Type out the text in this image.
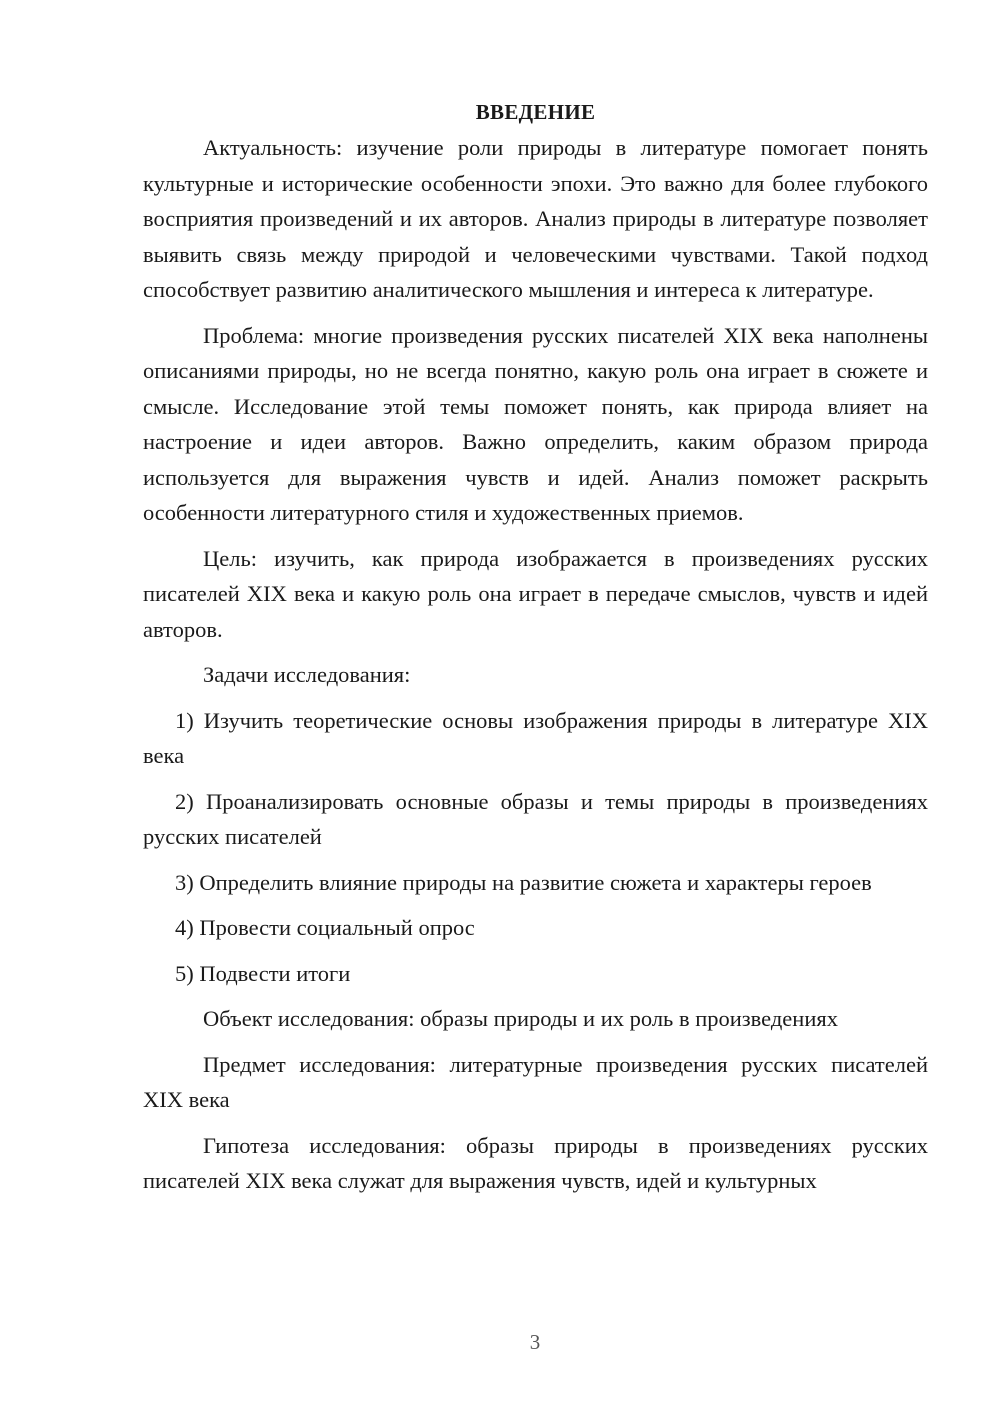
ВВЕДЕНИЕ

Актуальность: изучение роли природы в литературе помогает понять культурные и исторические особенности эпохи. Это важно для более глубокого восприятия произведений и их авторов. Анализ природы в литературе позволяет выявить связь между природой и человеческими чувствами. Такой подход способствует развитию аналитического мышления и интереса к литературе.

Проблема: многие произведения русских писателей XIX века наполнены описаниями природы, но не всегда понятно, какую роль она играет в сюжете и смысле. Исследование этой темы поможет понять, как природа влияет на настроение и идеи авторов. Важно определить, каким образом природа используется для выражения чувств и идей. Анализ поможет раскрыть особенности литературного стиля и художественных приемов.

Цель: изучить, как природа изображается в произведениях русских писателей XIX века и какую роль она играет в передаче смыслов, чувств и идей авторов.

Задачи исследования:

1) Изучить теоретические основы изображения природы в литературе XIX века

2) Проанализировать основные образы и темы природы в произведениях русских писателей

3) Определить влияние природы на развитие сюжета и характеры героев

4) Провести социальный опрос

5) Подвести итоги

Объект исследования: образы природы и их роль в произведениях

Предмет исследования: литературные произведения русских писателей XIX века

Гипотеза исследования: образы природы в произведениях русских писателей XIX века служат для выражения чувств, идей и культурных

3
